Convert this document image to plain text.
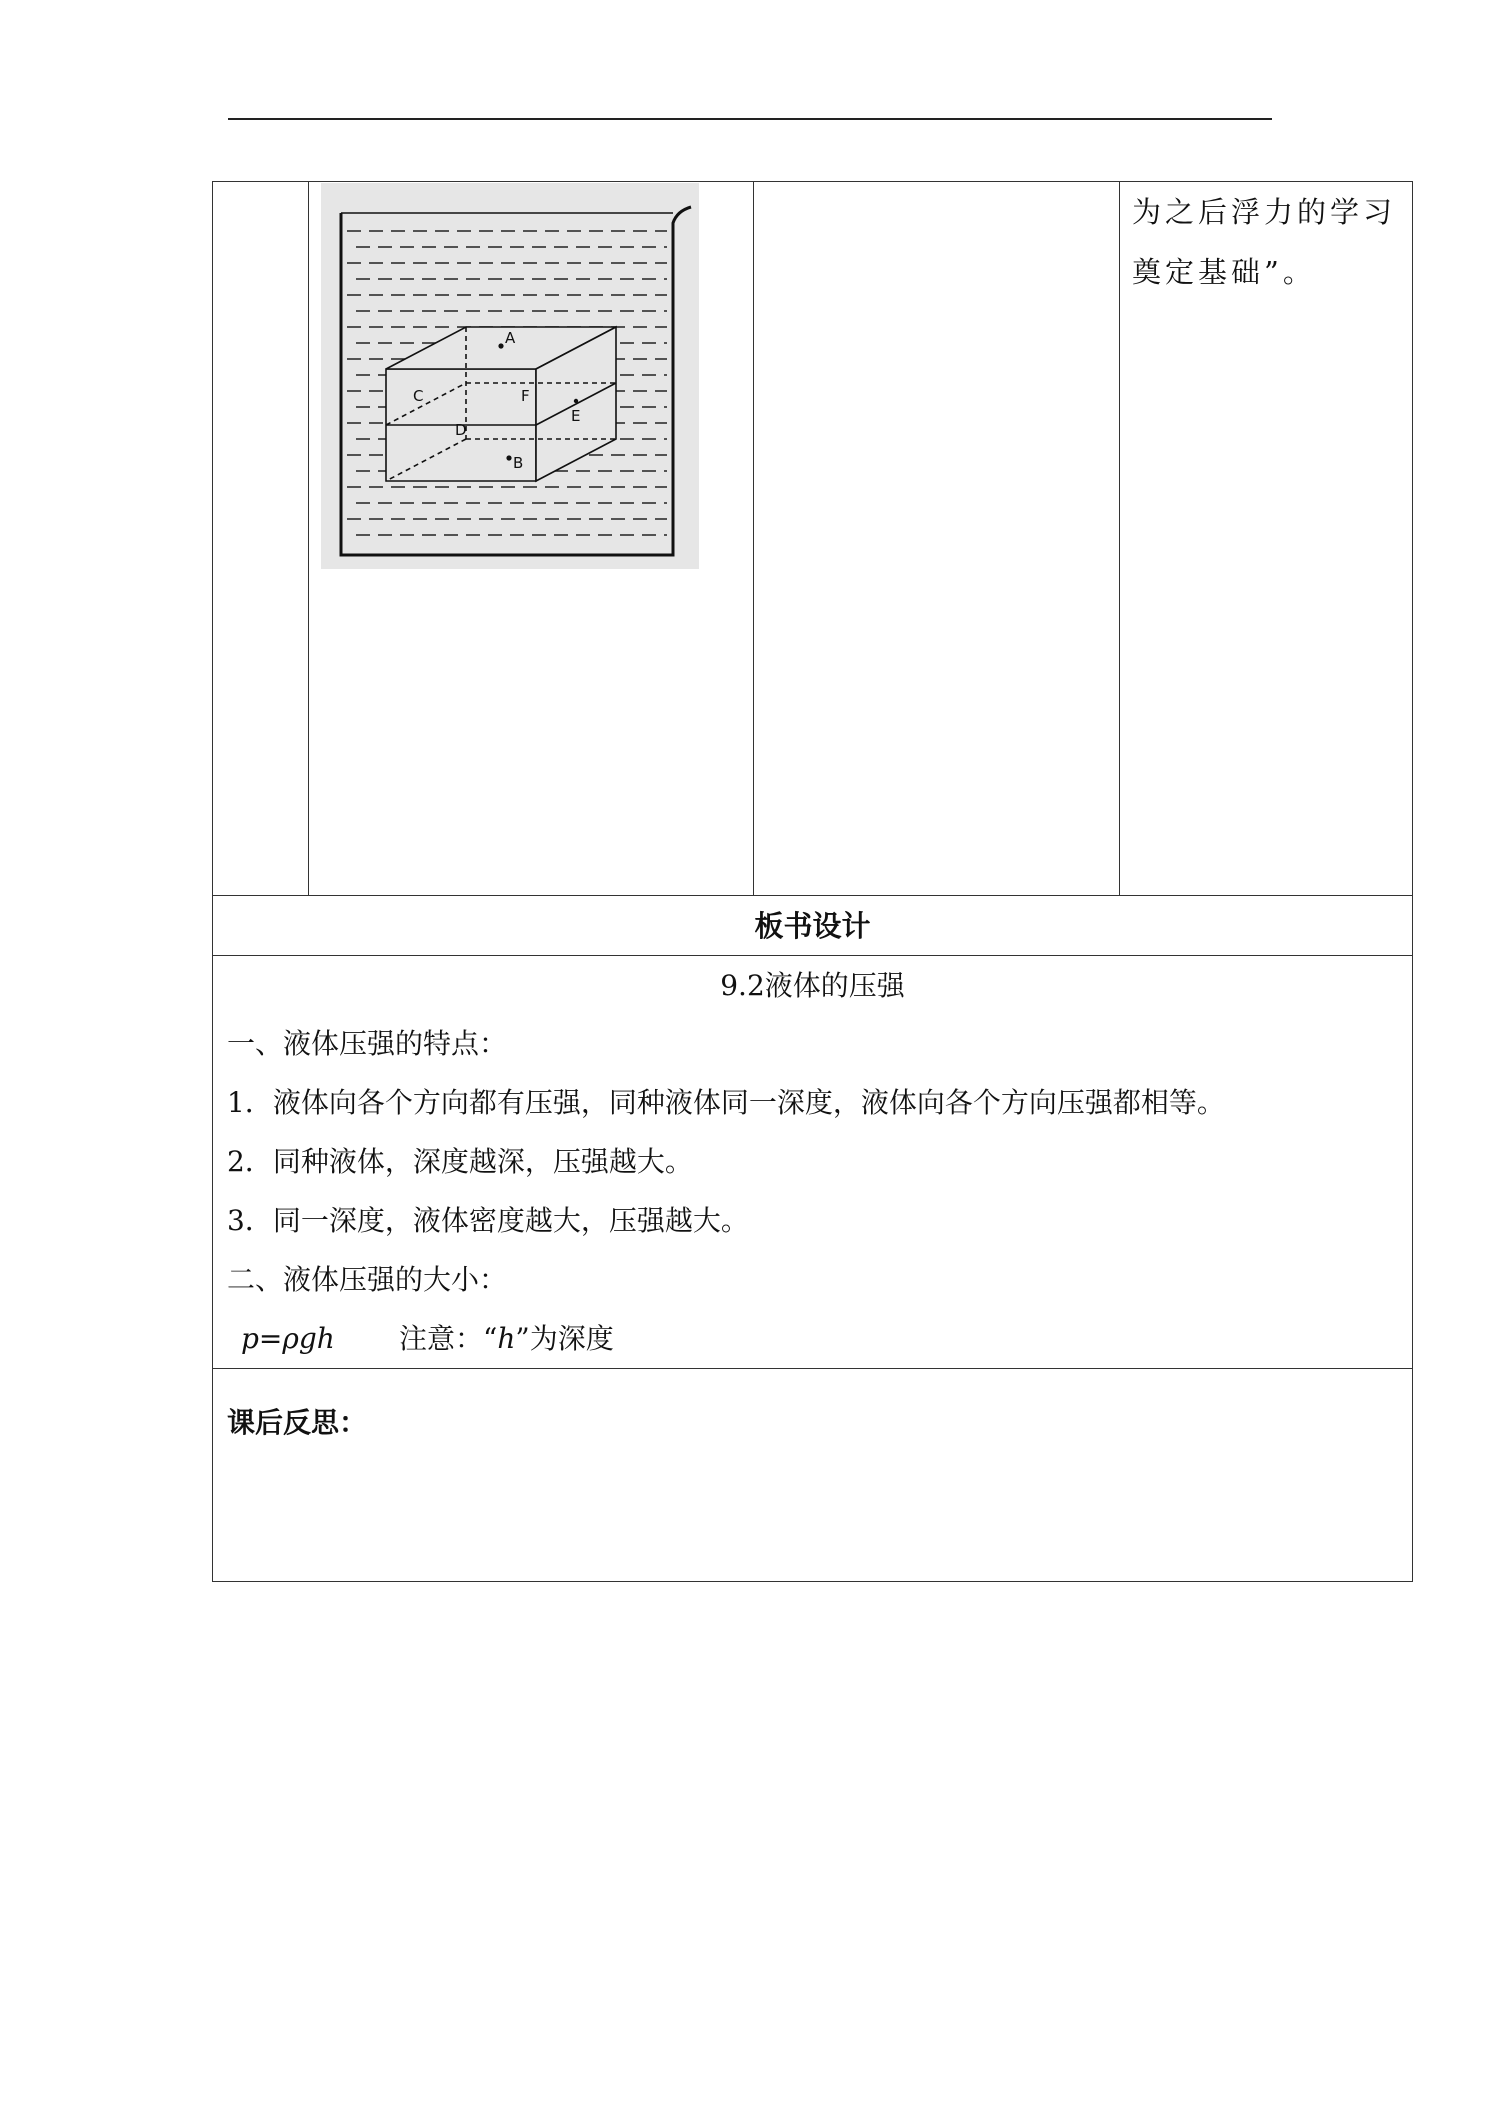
A
C	F
E
D
B

为之后浮力的学习
奠定基础”。

板书设计

9.2液体的压强
一、液体压强的特点：
1．液体向各个方向都有压强，同种液体同一深度，液体向各个方向压强都相等。
2．同种液体，深度越深，压强越大。
3．同一深度，液体密度越大，压强越大。
二、液体压强的大小：
p=ρgh 注意：“h”为深度

课后反思：
